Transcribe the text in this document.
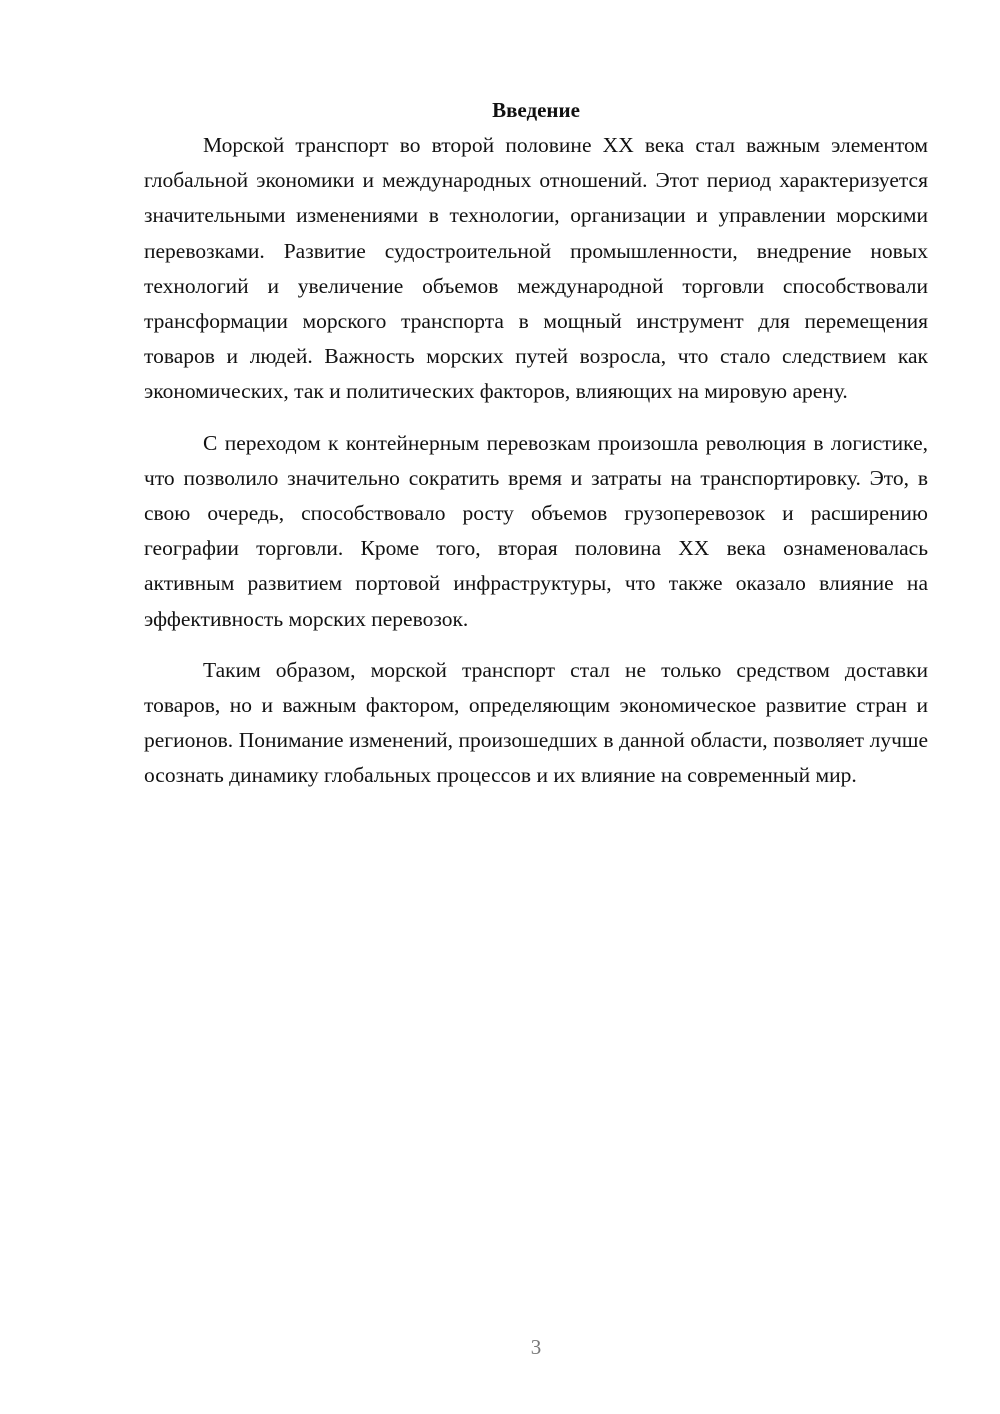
Введение

Морской транспорт во второй половине XX века стал важным элементом глобальной экономики и международных отношений. Этот период характеризуется значительными изменениями в технологии, организации и управлении морскими перевозками. Развитие судостроительной промышленности, внедрение новых технологий и увеличение объемов международной торговли способствовали трансформации морского транспорта в мощный инструмент для перемещения товаров и людей. Важность морских путей возросла, что стало следствием как экономических, так и политических факторов, влияющих на мировую арену.

С переходом к контейнерным перевозкам произошла революция в логистике, что позволило значительно сократить время и затраты на транспортировку. Это, в свою очередь, способствовало росту объемов грузоперевозок и расширению географии торговли. Кроме того, вторая половина XX века ознаменовалась активным развитием портовой инфраструктуры, что также оказало влияние на эффективность морских перевозок.

Таким образом, морской транспорт стал не только средством доставки товаров, но и важным фактором, определяющим экономическое развитие стран и регионов. Понимание изменений, произошедших в данной области, позволяет лучше осознать динамику глобальных процессов и их влияние на современный мир.

3
